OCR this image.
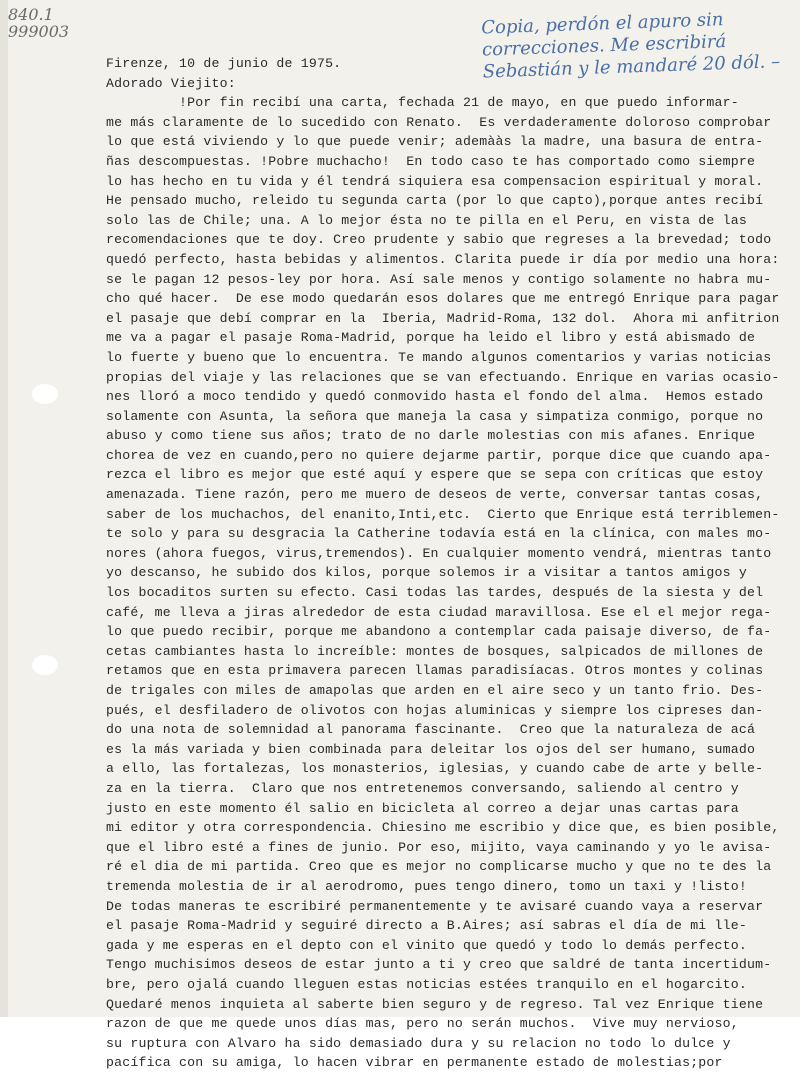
840.1
999003	Copia, perdón el apuro sin correcciones. Me escribirá Sebastián y le mandaré 20 dól. –
Firenze, 10 de junio de 1975.
Adorado Viejito:
!Por fin recibí una carta, fechada 21 de mayo, en que puedo informar-
me más claramente de lo sucedido con Renato.  Es verdaderamente doloroso comprobar
lo que está viviendo y lo que puede venir; ademààs la madre, una basura de entra-
ñas descompuestas. !Pobre muchacho!  En todo caso te has comportado como siempre
lo has hecho en tu vida y él tendrá siquiera esa compensacion espiritual y moral.
He pensado mucho, releido tu segunda carta (por lo que capto),porque antes recibí
solo las de Chile; una. A lo mejor ésta no te pilla en el Peru, en vista de las
recomendaciones que te doy. Creo prudente y sabio que regreses a la brevedad; todo
quedó perfecto, hasta bebidas y alimentos. Clarita puede ir día por medio una hora:
se le pagan 12 pesos-ley por hora. Así sale menos y contigo solamente no habra mu-
cho qué hacer.  De ese modo quedarán esos dolares que me entregó Enrique para pagar
el pasaje que debí comprar en la  Iberia, Madrid-Roma, 132 dol.  Ahora mi anfitrion
me va a pagar el pasaje Roma-Madrid, porque ha leido el libro y está abismado de
lo fuerte y bueno que lo encuentra. Te mando algunos comentarios y varias noticias
propias del viaje y las relaciones que se van efectuando. Enrique en varias ocasio-
nes lloró a moco tendido y quedó conmovido hasta el fondo del alma.  Hemos estado
solamente con Asunta, la señora que maneja la casa y simpatiza conmigo, porque no
abuso y como tiene sus años; trato de no darle molestias con mis afanes. Enrique
chorea de vez en cuando,pero no quiere dejarme partir, porque dice que cuando apa-
rezca el libro es mejor que esté aquí y espere que se sepa con críticas que estoy
amenazada. Tiene razón, pero me muero de deseos de verte, conversar tantas cosas,
saber de los muchachos, del enanito,Inti,etc.  Cierto que Enrique está terriblemen-
te solo y para su desgracia la Catherine todavía está en la clínica, con males mo-
nores (ahora fuegos, virus,tremendos). En cualquier momento vendrá, mientras tanto
yo descanso, he subido dos kilos, porque solemos ir a visitar a tantos amigos y
los bocaditos surten su efecto. Casi todas las tardes, después de la siesta y del
café, me lleva a jiras alrededor de esta ciudad maravillosa. Ese el el mejor rega-
lo que puedo recibir, porque me abandono a contemplar cada paisaje diverso, de fa-
cetas cambiantes hasta lo increíble: montes de bosques, salpicados de millones de
retamos que en esta primavera parecen llamas paradisíacas. Otros montes y colinas
de trigales con miles de amapolas que arden en el aire seco y un tanto frio. Des-
pués, el desfiladero de olivotos con hojas aluminicas y siempre los cipreses dan-
do una nota de solemnidad al panorama fascinante.  Creo que la naturaleza de acá
es la más variada y bien combinada para deleitar los ojos del ser humano, sumado
a ello, las fortalezas, los monasterios, iglesias, y cuando cabe de arte y belle-
za en la tierra.  Claro que nos entretenemos conversando, saliendo al centro y
justo en este momento él salio en bicicleta al correo a dejar unas cartas para
mi editor y otra correspondencia. Chiesino me escribio y dice que, es bien posible,
que el libro esté a fines de junio. Por eso, mijito, vaya caminando y yo le avisa-
ré el dia de mi partida. Creo que es mejor no complicarse mucho y que no te des la
tremenda molestia de ir al aerodromo, pues tengo dinero, tomo un taxi y !listo!
De todas maneras te escribiré permanentemente y te avisaré cuando vaya a reservar
el pasaje Roma-Madrid y seguiré directo a B.Aires; así sabras el día de mi lle-
gada y me esperas en el depto con el vinito que quedó y todo lo demás perfecto.
Tengo muchisimos deseos de estar junto a ti y creo que saldré de tanta incertidum-
bre, pero ojalá cuando lleguen estas noticias estées tranquilo en el hogarcito.
Quedaré menos inquieta al saberte bien seguro y de regreso. Tal vez Enrique tiene
razon de que me quede unos días mas, pero no serán muchos.  Vive muy nervioso,
su ruptura con Alvaro ha sido demasiado dura y su relacion no todo lo dulce y
pacífica con su amiga, lo hacen vibrar en permanente estado de molestias;por
